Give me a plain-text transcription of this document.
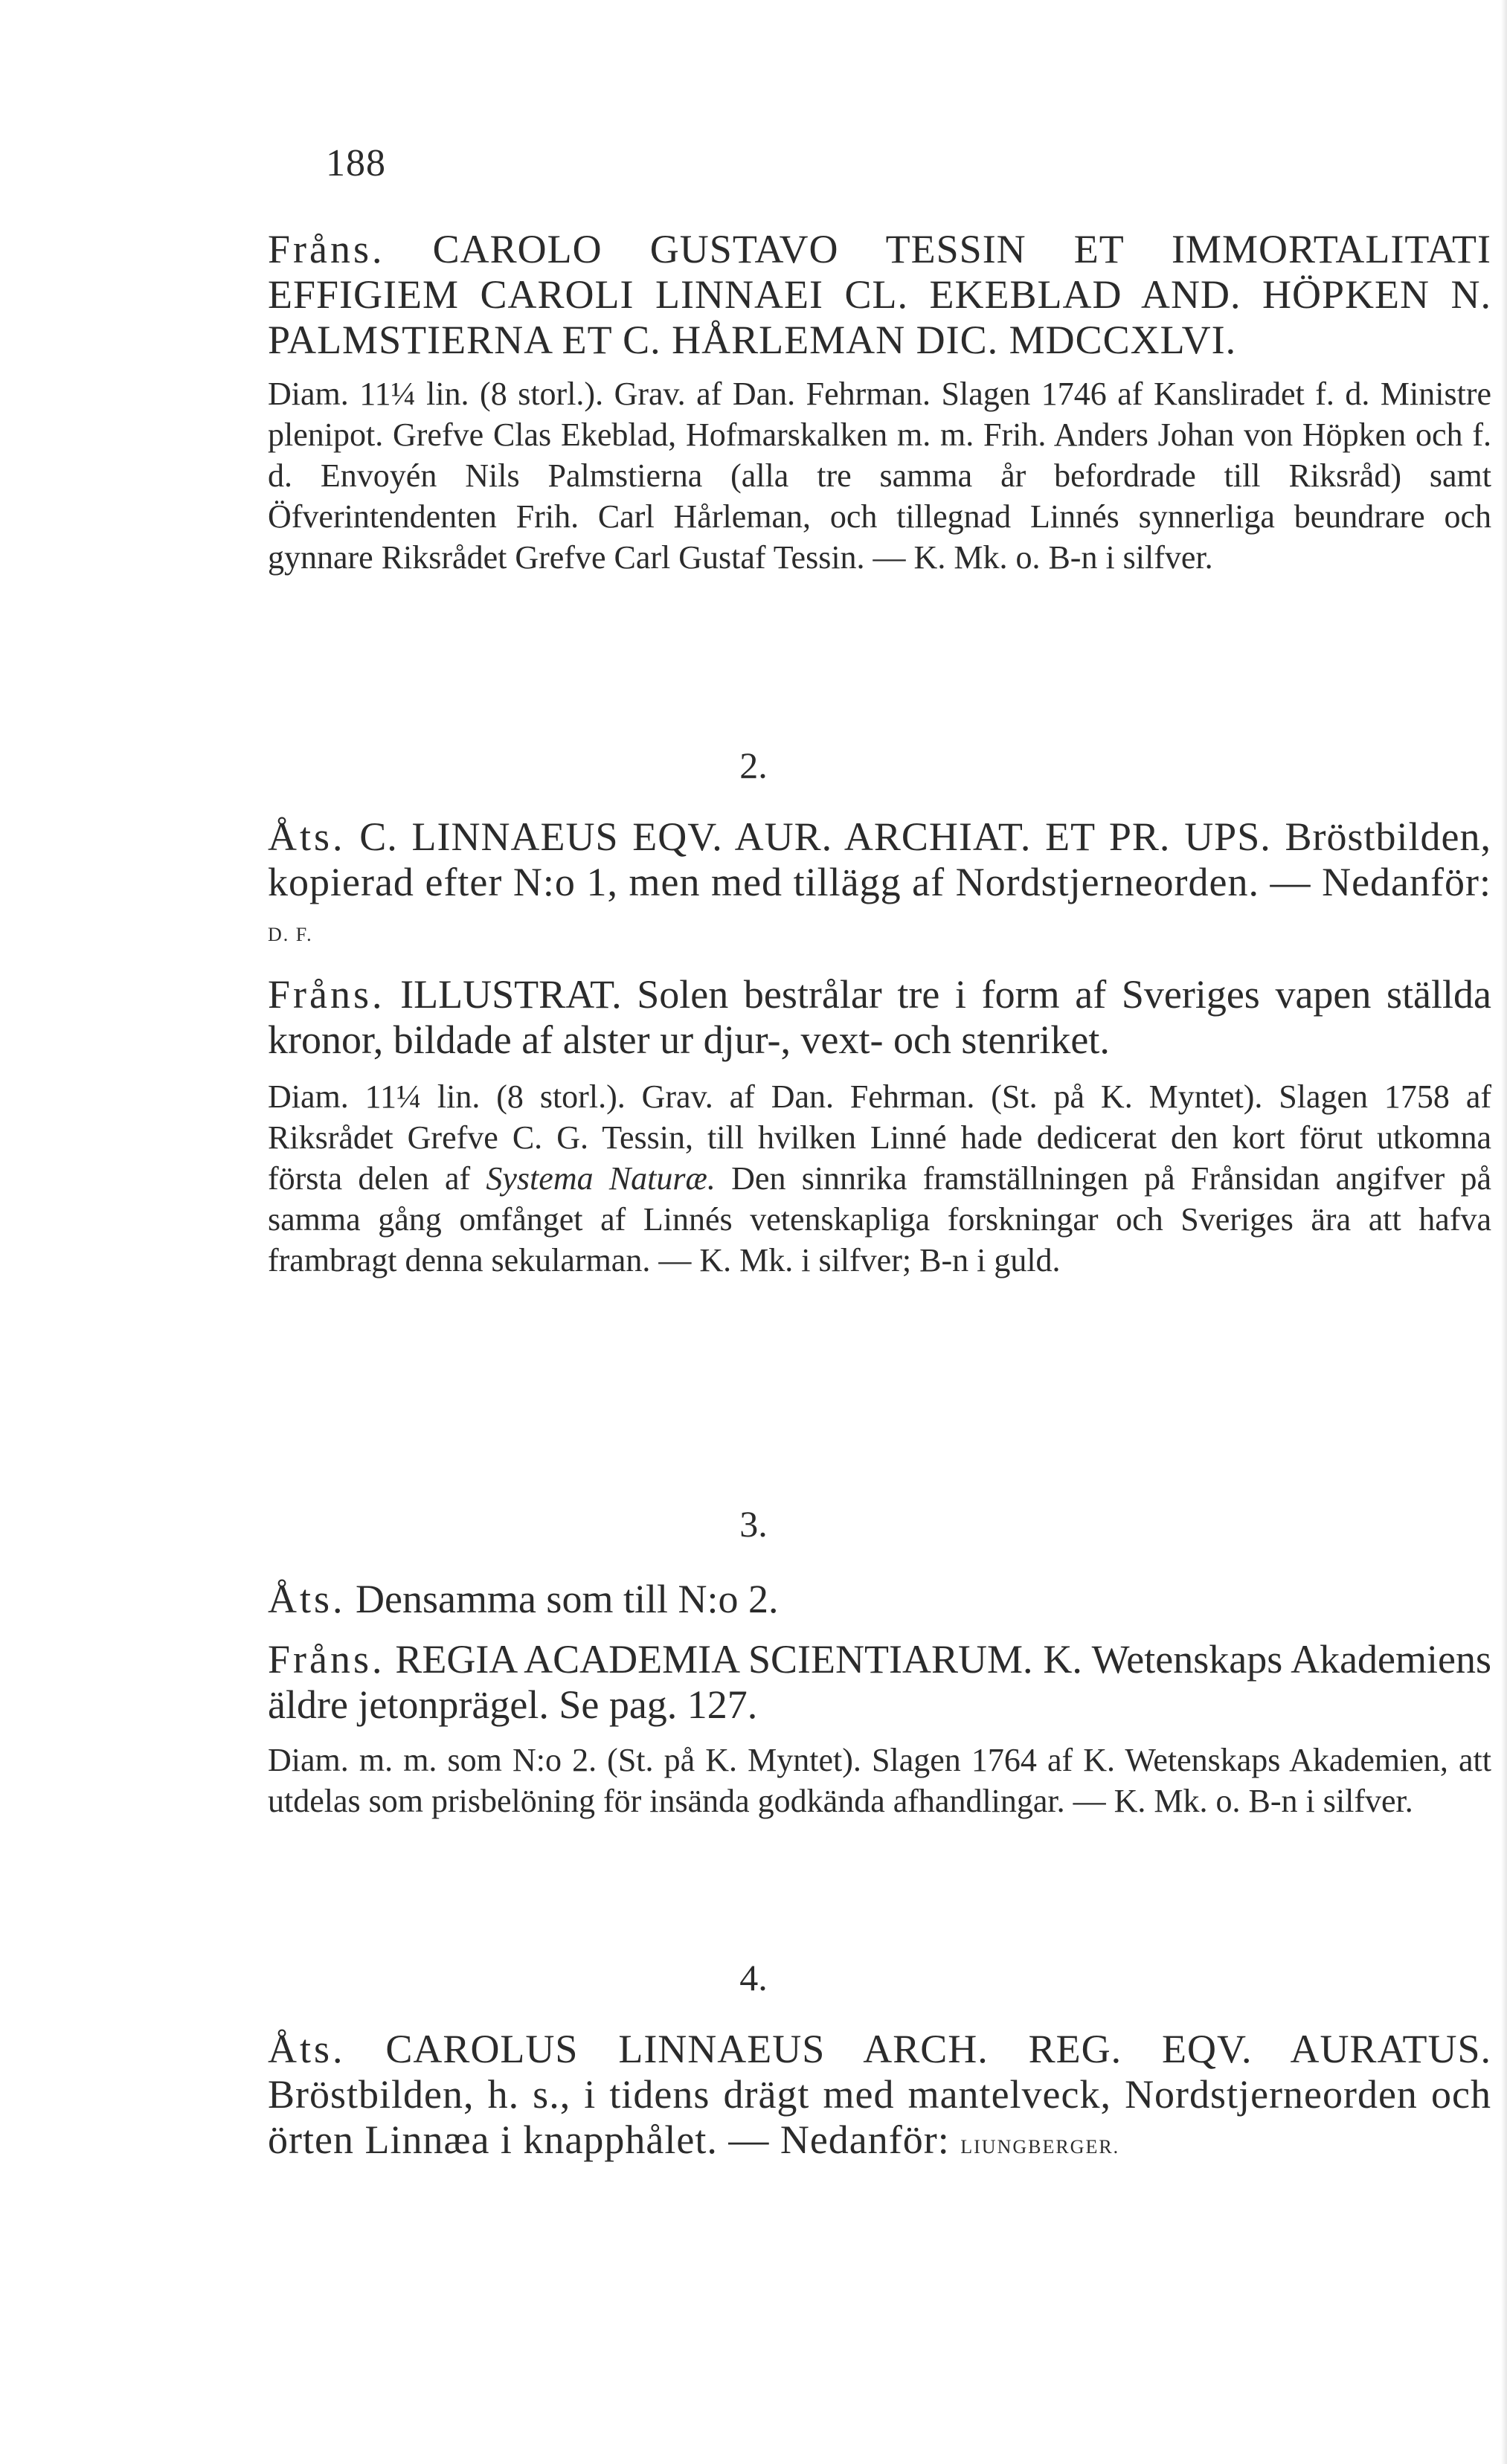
188

Fråns. CAROLO GUSTAVO TESSIN ET IMMORTALITATI EFFIGIEM CAROLI LINNAEI CL. EKEBLAD AND. HÖPKEN N. PALMSTIERNA ET C. HÅRLEMAN DIC. MDCCXLVI.

Diam. 11¼ lin. (8 storl.). Grav. af Dan. Fehrman. Slagen 1746 af Kansliradet f. d. Ministre plenipot. Grefve Clas Ekeblad, Hofmarskalken m. m. Frih. Anders Johan von Höpken och f. d. Envoyén Nils Palmstierna (alla tre samma år befordrade till Riksråd) samt Öfverintendenten Frih. Carl Hårleman, och tillegnad Linnés synnerliga beundrare och gynnare Riksrådet Grefve Carl Gustaf Tessin. — K. Mk. o. B-n i silfver.

2.

Åts. C. LINNAEUS EQV. AUR. ARCHIAT. ET PR. UPS. Bröstbilden, kopierad efter N:o 1, men med tillägg af Nordstjerneorden. — Nedanför: D. F.

Fråns. ILLUSTRAT. Solen bestrålar tre i form af Sveriges vapen ställda kronor, bildade af alster ur djur-, vext- och stenriket.

Diam. 11¼ lin. (8 storl.). Grav. af Dan. Fehrman. (St. på K. Myntet). Slagen 1758 af Riksrådet Grefve C. G. Tessin, till hvilken Linné hade dedicerat den kort förut utkomna första delen af Systema Naturæ. Den sinnrika framställningen på Frånsidan angifver på samma gång omfånget af Linnés vetenskapliga forskningar och Sveriges ära att hafva frambragt denna sekularman. — K. Mk. i silfver; B-n i guld.

3.

Åts. Densamma som till N:o 2.

Fråns. REGIA ACADEMIA SCIENTIARUM. K. Wetenskaps Akademiens äldre jetonprägel. Se pag. 127.

Diam. m. m. som N:o 2. (St. på K. Myntet). Slagen 1764 af K. Wetenskaps Akademien, att utdelas som prisbelöning för insända godkända afhandlingar. — K. Mk. o. B-n i silfver.

4.

Åts. CAROLUS LINNAEUS ARCH. REG. EQV. AURATUS. Bröstbilden, h. s., i tidens drägt med mantelveck, Nordstjerneorden och örten Linnæa i knapphålet. — Nedanför: LIUNGBERGER.
